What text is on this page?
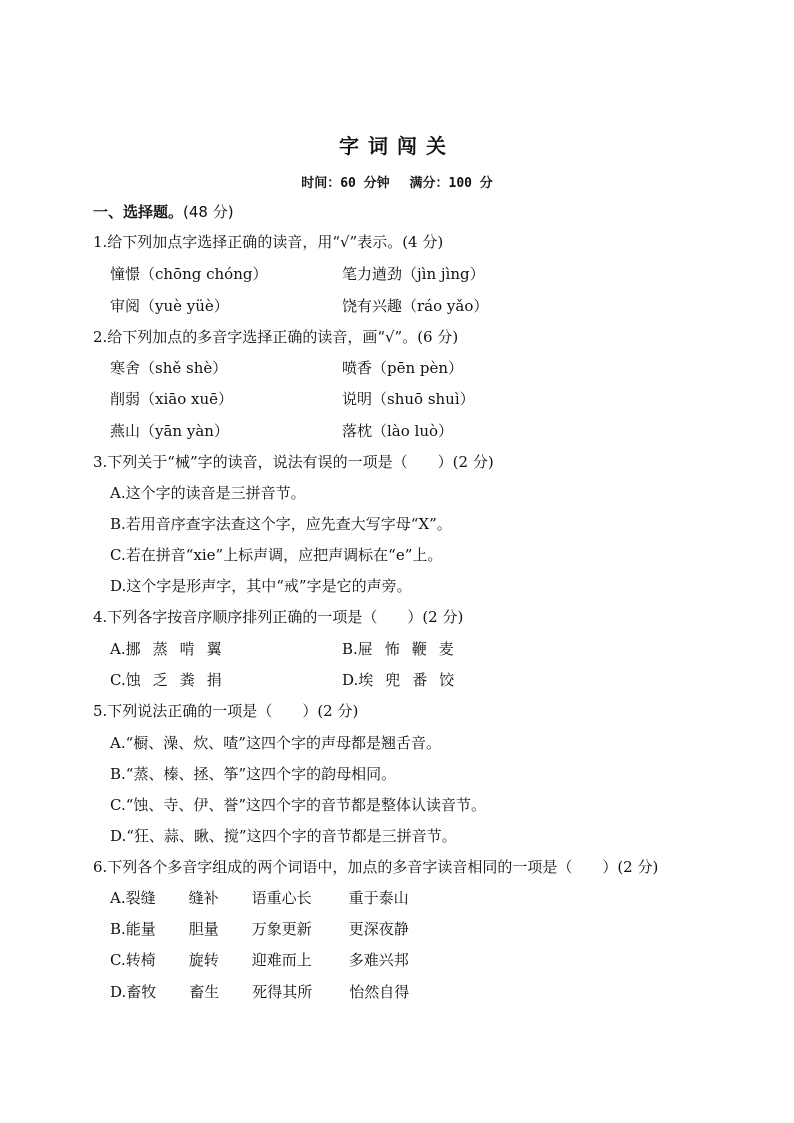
字词闯关
时间：60 分钟 满分：100 分
一、选择题。(48 分)
1.给下列加点字选择正确的读音，用“√”表示。(4 分)
憧憬（chōng chóng）	笔力遒劲（jìn jìng）
审阅（yuè yüè）	饶有兴趣（ráo yǎo）
2.给下列加点的多音字选择正确的读音，画“√”。(6 分)
寒舍（shě shè）	喷香（pēn pèn）
削弱（xiāo xuē）	说明（shuō shuì）
燕山（yān yàn）	落枕（lào luò）
3.下列关于“械”字的读音，说法有误的一项是（　　）(2 分)
A.这个字的读音是三拼音节。
B.若用音序查字法查这个字，应先查大写字母“X”。
C.若在拼音“xie”上标声调，应把声调标在“e”上。
D.这个字是形声字，其中“戒”字是它的声旁。
4.下列各字按音序顺序排列正确的一项是（　　）(2 分)
A.挪 蒸 啃 翼	B.屉 怖 鞭 麦
C.蚀 乏 粪 捐	D.埃 兜 番 饺
5.下列说法正确的一项是（　　）(2 分)
A.“橱、澡、炊、喳”这四个字的声母都是翘舌音。
B.“蒸、榛、拯、筝”这四个字的韵母相同。
C.“蚀、寺、伊、誉”这四个字的音节都是整体认读音节。
D.“狂、蒜、瞅、搅”这四个字的音节都是三拼音节。
6.下列各个多音字组成的两个词语中，加点的多音字读音相同的一项是（　　）(2 分)
A.裂缝 缝补 语重心长 重于泰山
B.能量 胆量 万象更新 更深夜静
C.转椅 旋转 迎难而上 多难兴邦
D.畜牧 畜生 死得其所 怡然自得
